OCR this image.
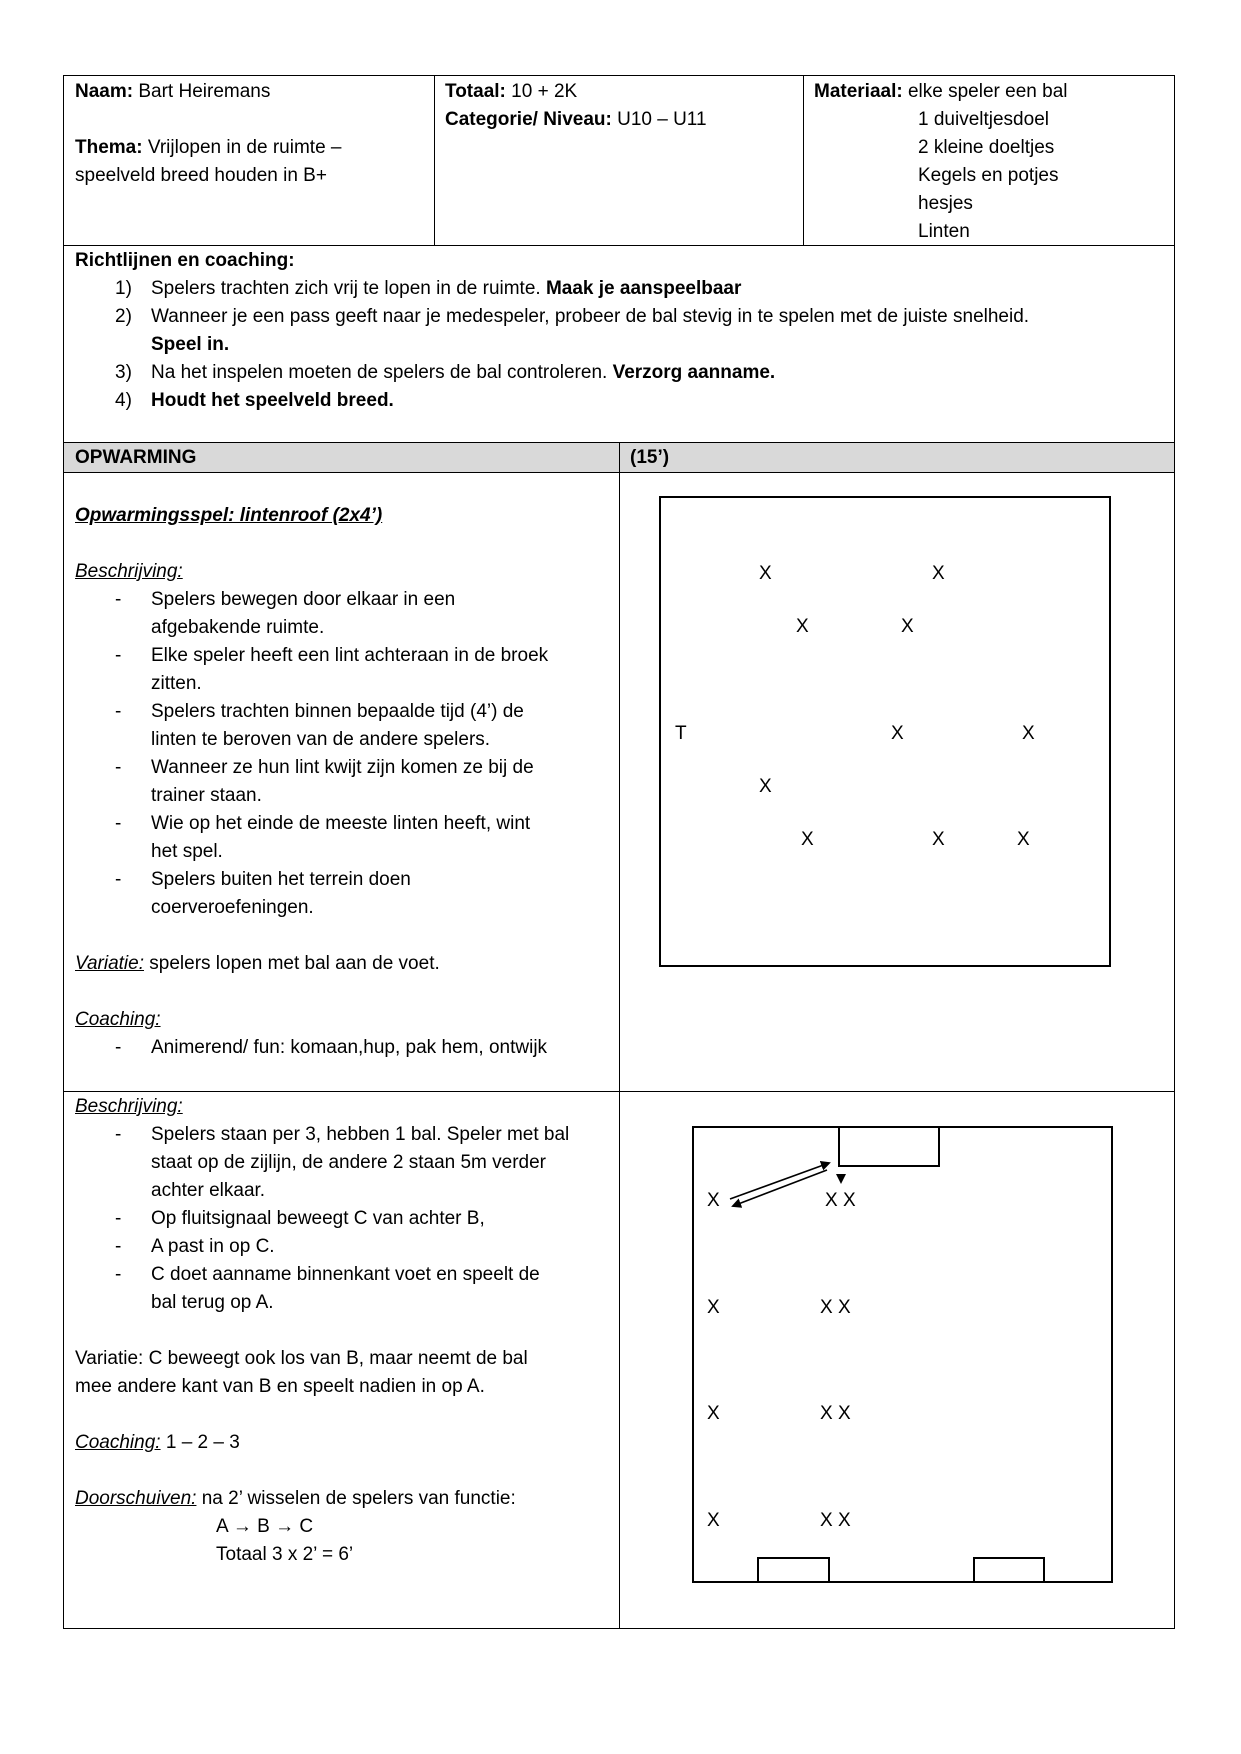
Naam: Bart Heiremans
Thema: Vrijlopen in de ruimte –
speelveld breed houden in B+
Totaal: 10 + 2K
Categorie/ Niveau: U10 – U11
Materiaal: elke speler een bal
1 duiveltjesdoel
2 kleine doeltjes
Kegels en potjes
hesjes
Linten
Richtlijnen en coaching:
1) Spelers trachten zich vrij te lopen in de ruimte. Maak je aanspeelbaar
2) Wanneer je een pass geeft naar je medespeler, probeer de bal stevig in te spelen met de juiste snelheid.
Speel in.
3) Na het inspelen moeten de spelers de bal controleren. Verzorg aanname.
4) Houdt het speelveld breed.
OPWARMING	(15’)
Opwarmingsspel: lintenroof (2x4’)
Beschrijving:
- Spelers bewegen door elkaar in een
afgebakende ruimte.
- Elke speler heeft een lint achteraan in de broek
zitten.
- Spelers trachten binnen bepaalde tijd (4’) de
linten te beroven van de andere spelers.
- Wanneer ze hun lint kwijt zijn komen ze bij de
trainer staan.
- Wie op het einde de meeste linten heeft, wint
het spel.
- Spelers buiten het terrein doen
coerveroefeningen.
Variatie: spelers lopen met bal aan de voet.
Coaching:
- Animerend/ fun: komaan,hup, pak hem, ontwijk
X	X
X	X
T	X	X
X
X	X	X
Beschrijving:
- Spelers staan per 3, hebben 1 bal. Speler met bal
staat op de zijlijn, de andere 2 staan 5m verder
achter elkaar.
- Op fluitsignaal beweegt C van achter B,
- A past in op C.
- C doet aanname binnenkant voet en speelt de
bal terug op A.
Variatie: C beweegt ook los van B, maar neemt de bal
mee andere kant van B en speelt nadien in op A.
Coaching: 1 – 2 – 3
Doorschuiven: na 2’ wisselen de spelers van functie:
A → B → C
Totaal 3 x 2’ = 6’
X	X X
X	X X
X	X X
X	X X
